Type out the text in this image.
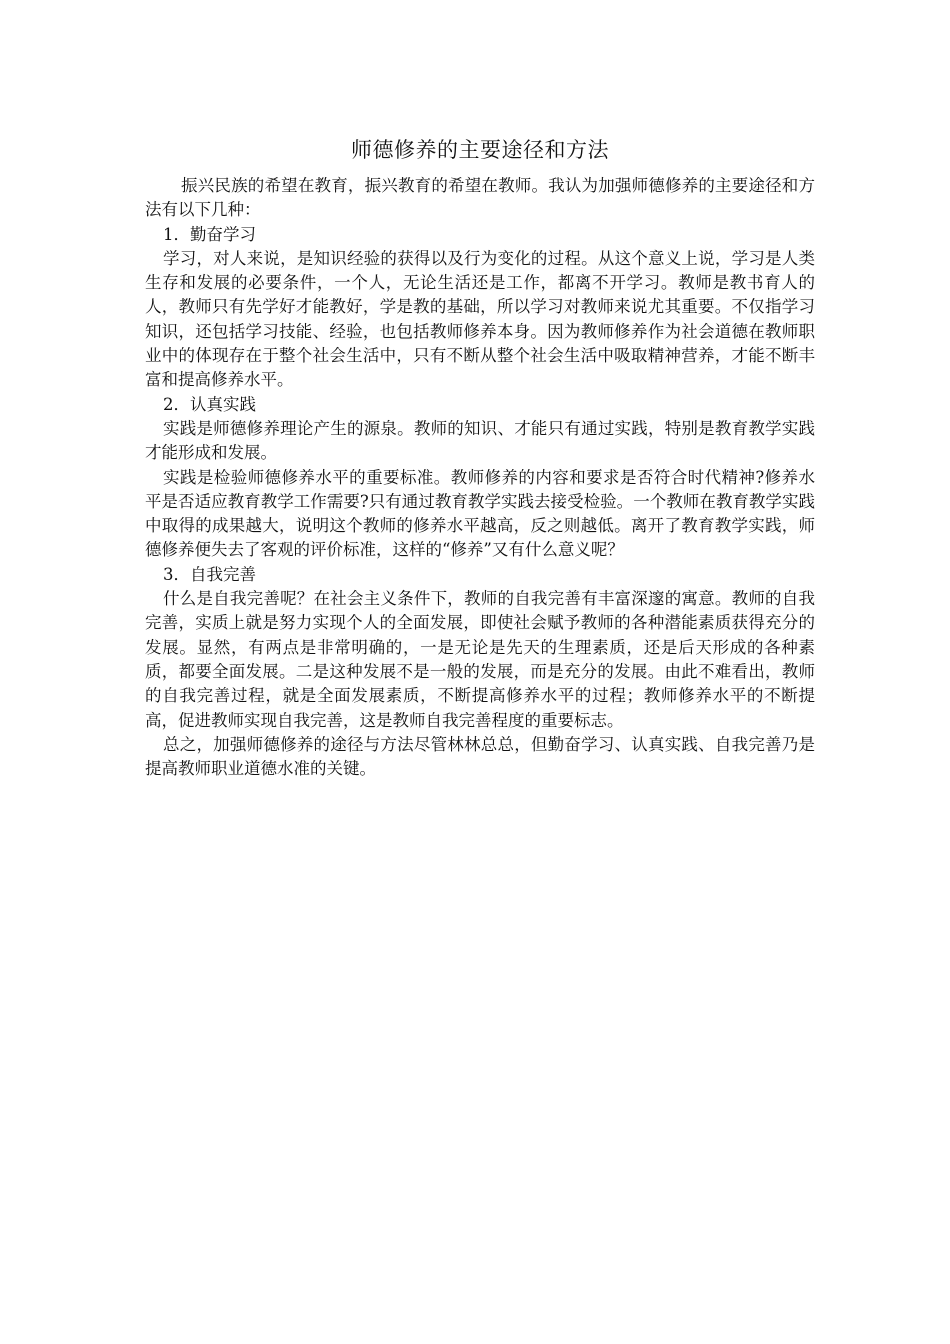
师德修养的主要途径和方法

振兴民族的希望在教育，振兴教育的希望在教师。我认为加强师德修养的主要途径和方法有以下几种：

1．勤奋学习

学习，对人来说，是知识经验的获得以及行为变化的过程。从这个意义上说，学习是人类生存和发展的必要条件，一个人，无论生活还是工作，都离不开学习。教师是教书育人的人，教师只有先学好才能教好，学是教的基础，所以学习对教师来说尤其重要。不仅指学习知识，还包括学习技能、经验，也包括教师修养本身。因为教师修养作为社会道德在教师职业中的体现存在于整个社会生活中，只有不断从整个社会生活中吸取精神营养，才能不断丰富和提高修养水平。

2．认真实践

实践是师德修养理论产生的源泉。教师的知识、才能只有通过实践，特别是教育教学实践才能形成和发展。

实践是检验师德修养水平的重要标准。教师修养的内容和要求是否符合时代精神?修养水平是否适应教育教学工作需要?只有通过教育教学实践去接受检验。一个教师在教育教学实践中取得的成果越大，说明这个教师的修养水平越高，反之则越低。离开了教育教学实践，师德修养便失去了客观的评价标准，这样的“修养”又有什么意义呢？

3．自我完善

什么是自我完善呢？在社会主义条件下，教师的自我完善有丰富深邃的寓意。教师的自我完善，实质上就是努力实现个人的全面发展，即使社会赋予教师的各种潜能素质获得充分的发展。显然，有两点是非常明确的，一是无论是先天的生理素质，还是后天形成的各种素质，都要全面发展。二是这种发展不是一般的发展，而是充分的发展。由此不难看出，教师的自我完善过程，就是全面发展素质，不断提高修养水平的过程；教师修养水平的不断提高，促进教师实现自我完善，这是教师自我完善程度的重要标志。

总之，加强师德修养的途径与方法尽管林林总总，但勤奋学习、认真实践、自我完善乃是提高教师职业道德水准的关键。
